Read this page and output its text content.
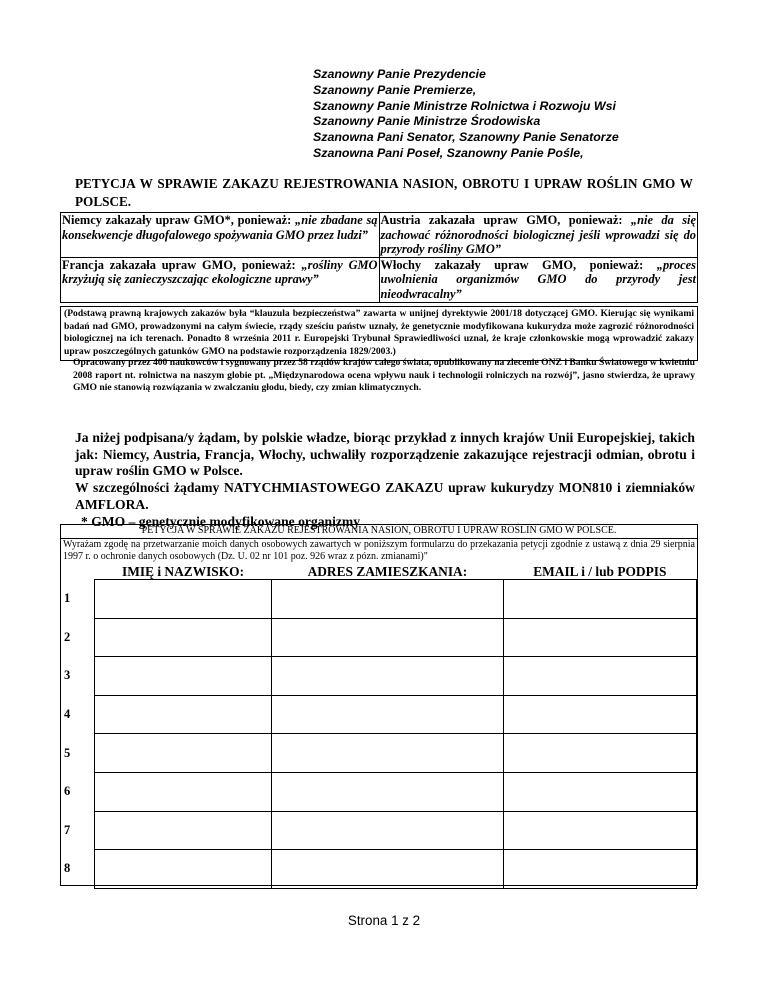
Szanowny Panie Prezydencie
Szanowny Panie Premierze,
Szanowny Panie Ministrze Rolnictwa i Rozwoju Wsi
Szanowny Panie Ministrze Środowiska
Szanowna Pani Senator, Szanowny Panie Senatorze
Szanowna Pani Poseł, Szanowny Panie Pośle,
PETYCJA W SPRAWIE ZAKAZU REJESTROWANIA NASION, OBROTU I UPRAW ROŚLIN GMO W POLSCE.
Niemcy zakazały upraw GMO*, ponieważ: „nie zbadane są konsekwencje długofalowego spożywania GMO przez ludzi”	Austria zakazała upraw GMO, ponieważ: „nie da się zachować różnorodności biologicznej jeśli wprowadzi się do przyrody rośliny GMO”
Francja zakazała upraw GMO, ponieważ: „rośliny GMO krzyżują się zanieczyszczając ekologiczne uprawy”	Włochy zakazały upraw GMO, ponieważ: „proces uwolnienia organizmów GMO do przyrody jest nieodwracalny”
(Podstawą prawną krajowych zakazów była “klauzula bezpieczeństwa” zawarta w unijnej dyrektywie 2001/18 dotyczącej GMO. Kierując się wynikami badań nad GMO, prowadzonymi na całym świecie, rządy sześciu państw uznały, że genetycznie modyfikowana kukurydza może zagrozić różnorodności biologicznej na ich terenach. Ponadto 8 września 2011 r. Europejski Trybunał Sprawiedliwości uznał, że kraje członkowskie mogą wprowadzić zakazy upraw poszczególnych gatunków GMO na podstawie rozporządzenia 1829/2003.)
Opracowany przez 400 naukowców i sygnowany przez 58 rządów krajów całego świata, opublikowany na zlecenie ONZ i Banku Światowego w kwietniu 2008 raport nt. rolnictwa na naszym globie pt. „Międzynarodowa ocena wpływu nauk i technologii rolniczych na rozwój”, jasno stwierdza, że uprawy GMO nie stanowią rozwiązania w zwalczaniu głodu, biedy, czy zmian klimatycznych.
Ja niżej podpisana/y żądam, by polskie władze, biorąc przykład z innych krajów Unii Europejskiej, takich jak: Niemcy, Austria, Francja, Włochy, uchwaliły rozporządzenie zakazujące rejestracji odmian, obrotu i upraw roślin GMO w Polsce.
W szczególności żądamy NATYCHMIASTOWEGO ZAKAZU upraw kukurydzy MON810 i ziemniaków AMFLORA.
* GMO – genetycznie modyfikowane organizmy
PETYCJA W SPRAWIE ZAKAZU REJESTROWANIA NASION, OBROTU I UPRAW ROŚLIN GMO W POLSCE.
Wyrażam zgodę na przetwarzanie moich danych osobowych zawartych w poniższym formularzu do przekazania petycji zgodnie z ustawą z dnia 29 sierpnia 1997 r. o ochronie danych osobowych (Dz. U. 02 nr 101 poz. 926 wraz z pózn. zmianami)"
	IMIĘ i NAZWISKO:	ADRES ZAMIESZKANIA:	EMAIL i / lub PODPIS
1			
2			
3			
4			
5			
6			
7			
8			
Strona 1 z 2
